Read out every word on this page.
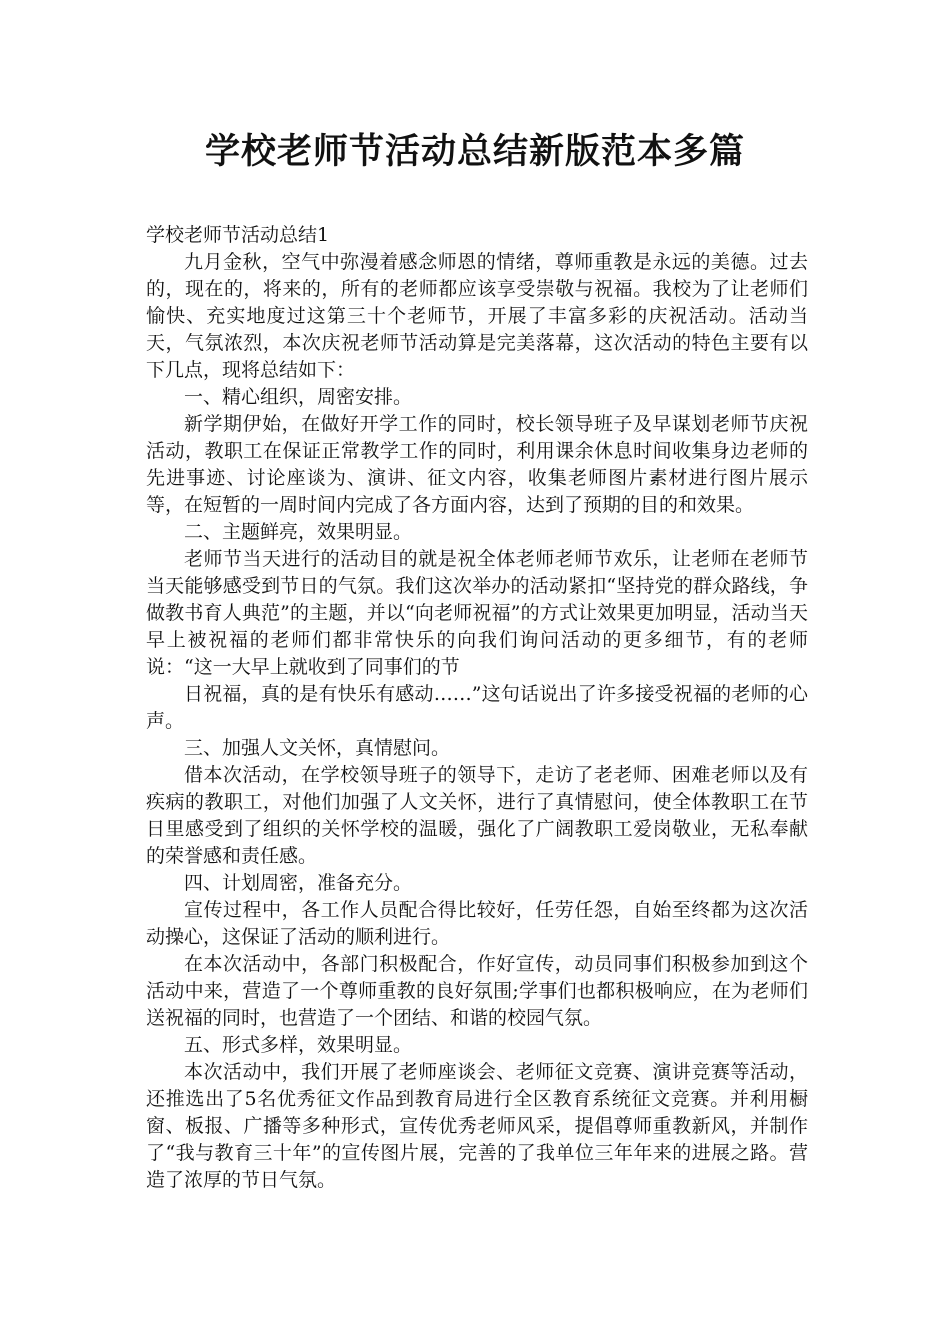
学校老师节活动总结新版范本多篇

学校老师节活动总结1

九月金秋，空气中弥漫着感念师恩的情绪，尊师重教是永远的美德。过去的，现在的，将来的，所有的老师都应该享受崇敬与祝福。我校为了让老师们愉快、充实地度过这第三十个老师节，开展了丰富多彩的庆祝活动。活动当天，气氛浓烈，本次庆祝老师节活动算是完美落幕，这次活动的特色主要有以下几点，现将总结如下：

一、精心组织，周密安排。

新学期伊始，在做好开学工作的同时，校长领导班子及早谋划老师节庆祝活动，教职工在保证正常教学工作的同时，利用课余休息时间收集身边老师的先进事迹、讨论座谈为、演讲、征文内容，收集老师图片素材进行图片展示等，在短暂的一周时间内完成了各方面内容，达到了预期的目的和效果。

二、主题鲜亮，效果明显。

老师节当天进行的活动目的就是祝全体老师老师节欢乐，让老师在老师节当天能够感受到节日的气氛。我们这次举办的活动紧扣“坚持党的群众路线，争做教书育人典范”的主题，并以“向老师祝福”的方式让效果更加明显，活动当天早上被祝福的老师们都非常快乐的向我们询问活动的更多细节，有的老师说：“这一大早上就收到了同事们的节

日祝福，真的是有快乐有感动……”这句话说出了许多接受祝福的老师的心声。

三、加强人文关怀，真情慰问。

借本次活动，在学校领导班子的领导下，走访了老老师、困难老师以及有疾病的教职工，对他们加强了人文关怀，进行了真情慰问，使全体教职工在节日里感受到了组织的关怀学校的温暖，强化了广阔教职工爱岗敬业，无私奉献的荣誉感和责任感。

四、计划周密，准备充分。

宣传过程中，各工作人员配合得比较好，任劳任怨，自始至终都为这次活动操心，这保证了活动的顺利进行。

在本次活动中，各部门积极配合，作好宣传，动员同事们积极参加到这个活动中来，营造了一个尊师重教的良好氛围;学事们也都积极响应，在为老师们送祝福的同时，也营造了一个团结、和谐的校园气氛。

五、形式多样，效果明显。

本次活动中，我们开展了老师座谈会、老师征文竞赛、演讲竞赛等活动，还推选出了5名优秀征文作品到教育局进行全区教育系统征文竞赛。并利用橱窗、板报、广播等多种形式，宣传优秀老师风采，提倡尊师重教新风，并制作了“我与教育三十年”的宣传图片展，完善的了我单位三年年来的进展之路。营造了浓厚的节日气氛。
